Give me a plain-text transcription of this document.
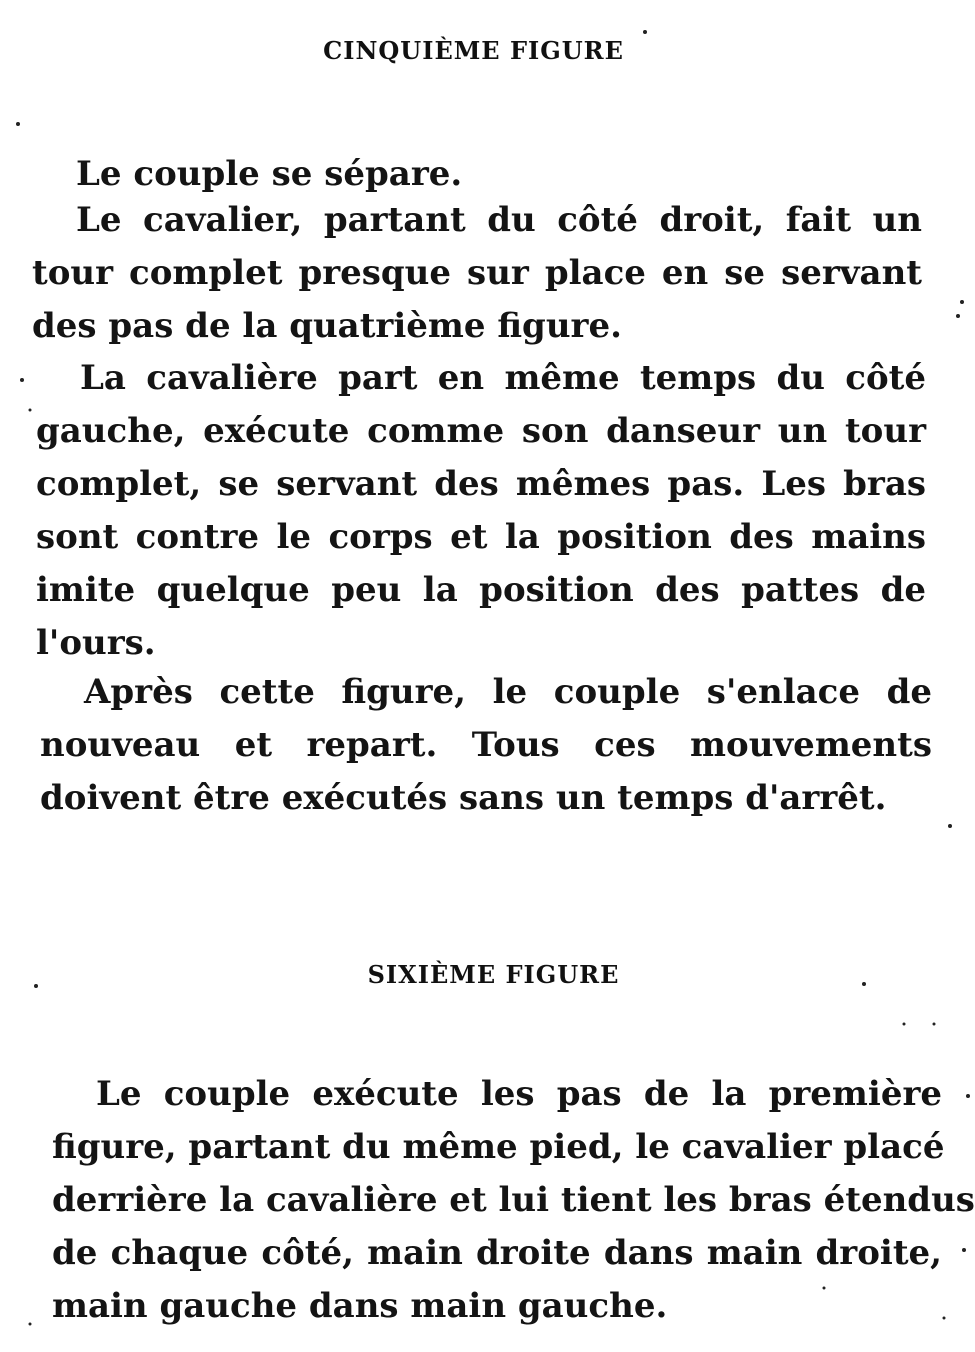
CINQUIÈME FIGURE

Le couple se sépare.

Le cavalier, partant du côté droit, fait un
tour complet presque sur place en se servant
des pas de la quatrième figure.

La cavalière part en même temps du côté
gauche, exécute comme son danseur un tour
complet, se servant des mêmes pas. Les bras
sont contre le corps et la position des mains
imite quelque peu la position des pattes de
l'ours.

Après cette figure, le couple s'enlace de
nouveau et repart. Tous ces mouvements
doivent être exécutés sans un temps d'arrêt.

SIXIÈME FIGURE

Le couple exécute les pas de la première
figure, partant du même pied, le cavalier placé
derrière la cavalière et lui tient les bras étendus
de chaque côté, main droite dans main droite,
main gauche dans main gauche.
